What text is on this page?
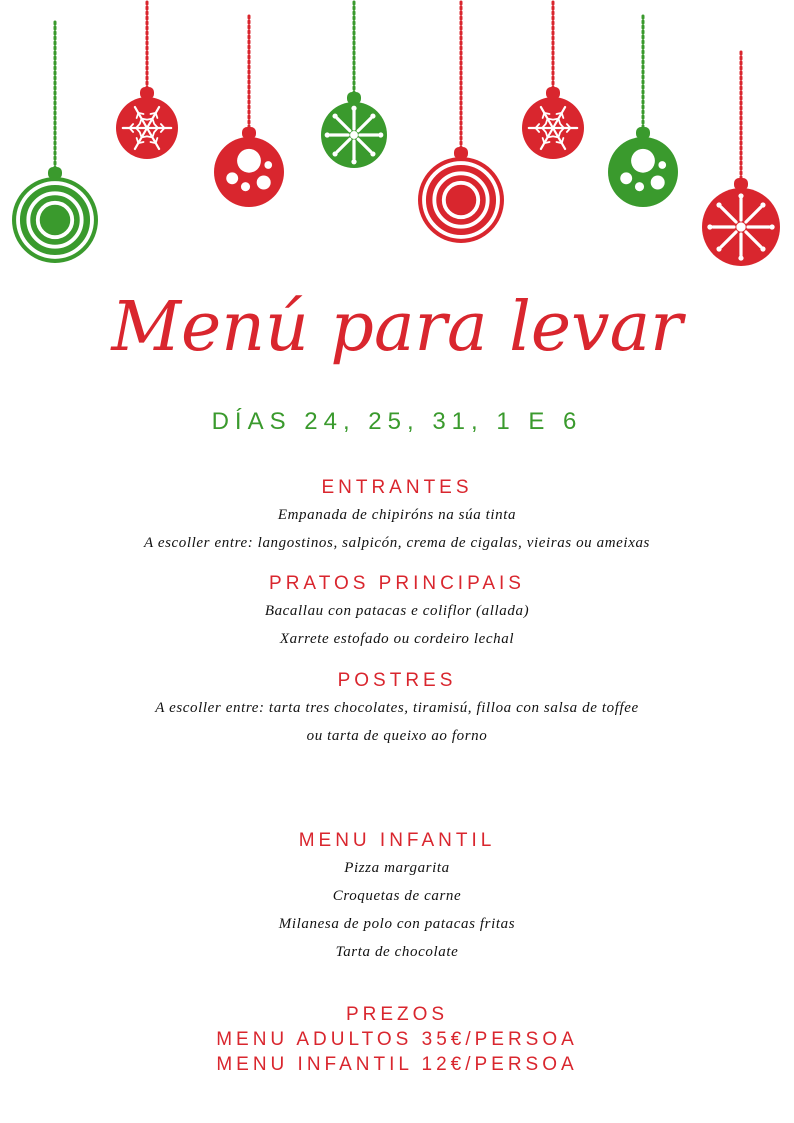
Menú para levar
DÍAS 24, 25, 31, 1 E 6
ENTRANTES
Empanada de chipiróns na súa tinta
A escoller entre: langostinos, salpicón, crema de cigalas, vieiras ou ameixas
PRATOS PRINCIPAIS
Bacallau con patacas e coliflor (allada)
Xarrete estofado ou cordeiro lechal
POSTRES
A escoller entre: tarta tres chocolates, tiramisú, filloa con salsa de toffee
ou tarta de queixo ao forno
MENU INFANTIL
Pizza margarita
Croquetas de carne
Milanesa de polo con patacas fritas
Tarta de chocolate
PREZOS
MENU ADULTOS 35€/PERSOA
MENU INFANTIL 12€/PERSOA
